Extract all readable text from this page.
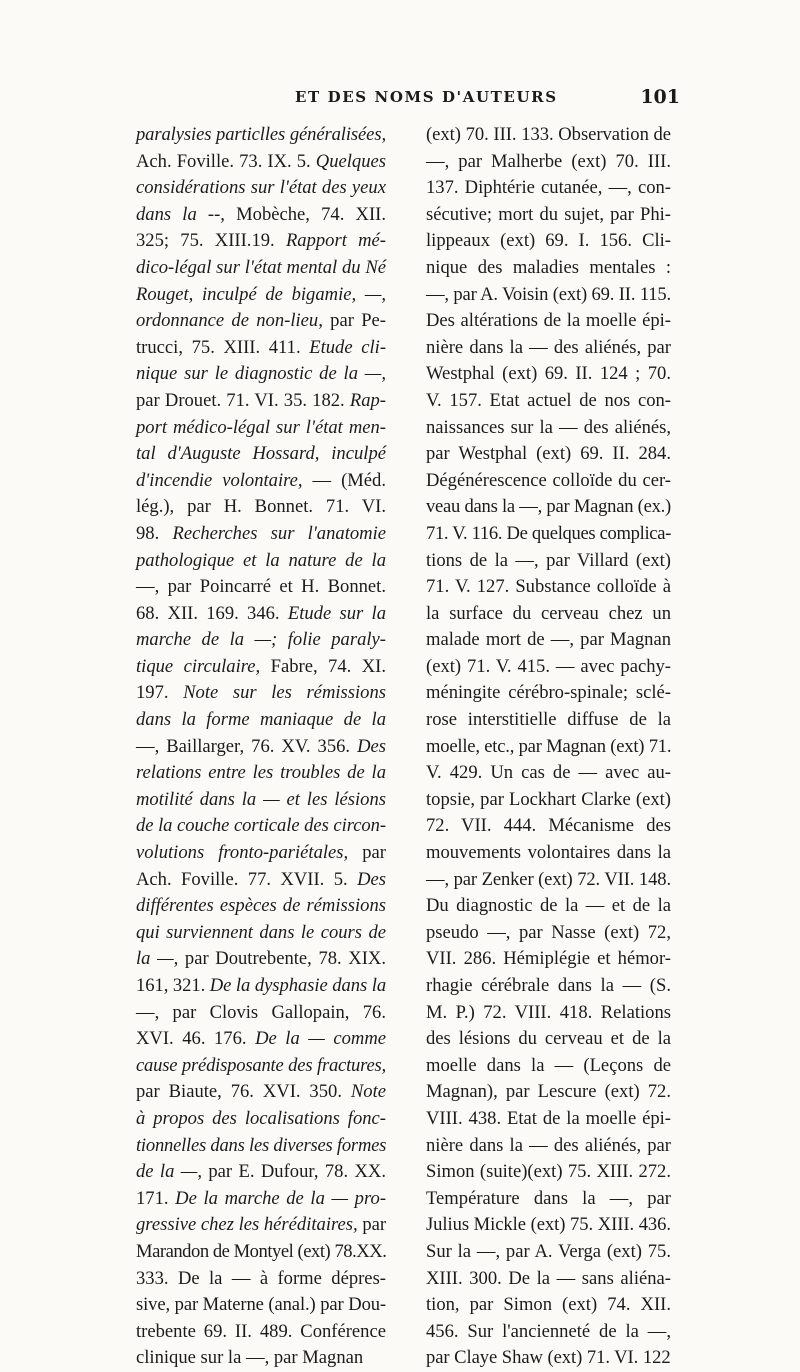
ET DES NOMS D'AUTEURS	101
paralysies particlles généralisées,
Ach. Foville. 73. IX. 5. Quelques
considérations sur l'état des yeux
dans la --, Mobèche, 74. XII.
325; 75. XIII.19. Rapport mé-
dico-légal sur l'état mental du Né
Rouget, inculpé de bigamie, —,
ordonnance de non-lieu, par Pe-
trucci, 75. XIII. 411. Etude cli-
nique sur le diagnostic de la —,
par Drouet. 71. VI. 35. 182. Rap-
port médico-légal sur l'état men-
tal d'Auguste Hossard, inculpé
d'incendie volontaire, — (Méd.
lég.), par H. Bonnet. 71. VI.
98. Recherches sur l'anatomie
pathologique et la nature de la
—, par Poincarré et H. Bonnet.
68. XII. 169. 346. Etude sur la
marche de la —; folie paraly-
tique circulaire, Fabre, 74. XI.
197. Note sur les rémissions
dans la forme maniaque de la
—, Baillarger, 76. XV. 356. Des
relations entre les troubles de la
motilité dans la — et les lésions
de la couche corticale des circon-
volutions fronto-pariétales, par
Ach. Foville. 77. XVII. 5. Des
différentes espèces de rémissions
qui surviennent dans le cours de
la —, par Doutrebente, 78. XIX.
161, 321. De la dysphasie dans la
—, par Clovis Gallopain, 76.
XVI. 46. 176. De la — comme
cause prédisposante des fractures,
par Biaute, 76. XVI. 350. Note
à propos des localisations fonc-
tionnelles dans les diverses formes
de la —, par E. Dufour, 78. XX.
171. De la marche de la — pro-
gressive chez les héréditaires, par
Marandon de Montyel (ext) 78.XX.
333. De la — à forme dépres-
sive, par Materne (anal.) par Dou-
trebente 69. II. 489. Conférence
clinique sur la —, par Magnan
(ext) 70. III. 133. Observation de
—, par Malherbe (ext) 70. III.
137. Diphtérie cutanée, —, con-
sécutive; mort du sujet, par Phi-
lippeaux (ext) 69. I. 156. Cli-
nique des maladies mentales :
—, par A. Voisin (ext) 69. II. 115.
Des altérations de la moelle épi-
nière dans la — des aliénés, par
Westphal (ext) 69. II. 124 ; 70.
V. 157. Etat actuel de nos con-
naissances sur la — des aliénés,
par Westphal (ext) 69. II. 284.
Dégénérescence colloïde du cer-
veau dans la —, par Magnan (ex.)
71. V. 116. De quelques complica-
tions de la —, par Villard (ext)
71. V. 127. Substance colloïde à
la surface du cerveau chez un
malade mort de —, par Magnan
(ext) 71. V. 415. — avec pachy-
méningite cérébro-spinale; sclé-
rose interstitielle diffuse de la
moelle, etc., par Magnan (ext) 71.
V. 429. Un cas de — avec au-
topsie, par Lockhart Clarke (ext)
72. VII. 444. Mécanisme des
mouvements volontaires dans la
—, par Zenker (ext) 72. VII. 148.
Du diagnostic de la — et de la
pseudo —, par Nasse (ext) 72,
VII. 286. Hémiplégie et hémor-
rhagie cérébrale dans la — (S.
M. P.) 72. VIII. 418. Relations
des lésions du cerveau et de la
moelle dans la — (Leçons de
Magnan), par Lescure (ext) 72.
VIII. 438. Etat de la moelle épi-
nière dans la — des aliénés, par
Simon (suite)(ext) 75. XIII. 272.
Température dans la —, par
Julius Mickle (ext) 75. XIII. 436.
Sur la —, par A. Verga (ext) 75.
XIII. 300. De la — sans aliéna-
tion, par Simon (ext) 74. XII.
456. Sur l'ancienneté de la —,
par Claye Shaw (ext) 71. VI. 122
